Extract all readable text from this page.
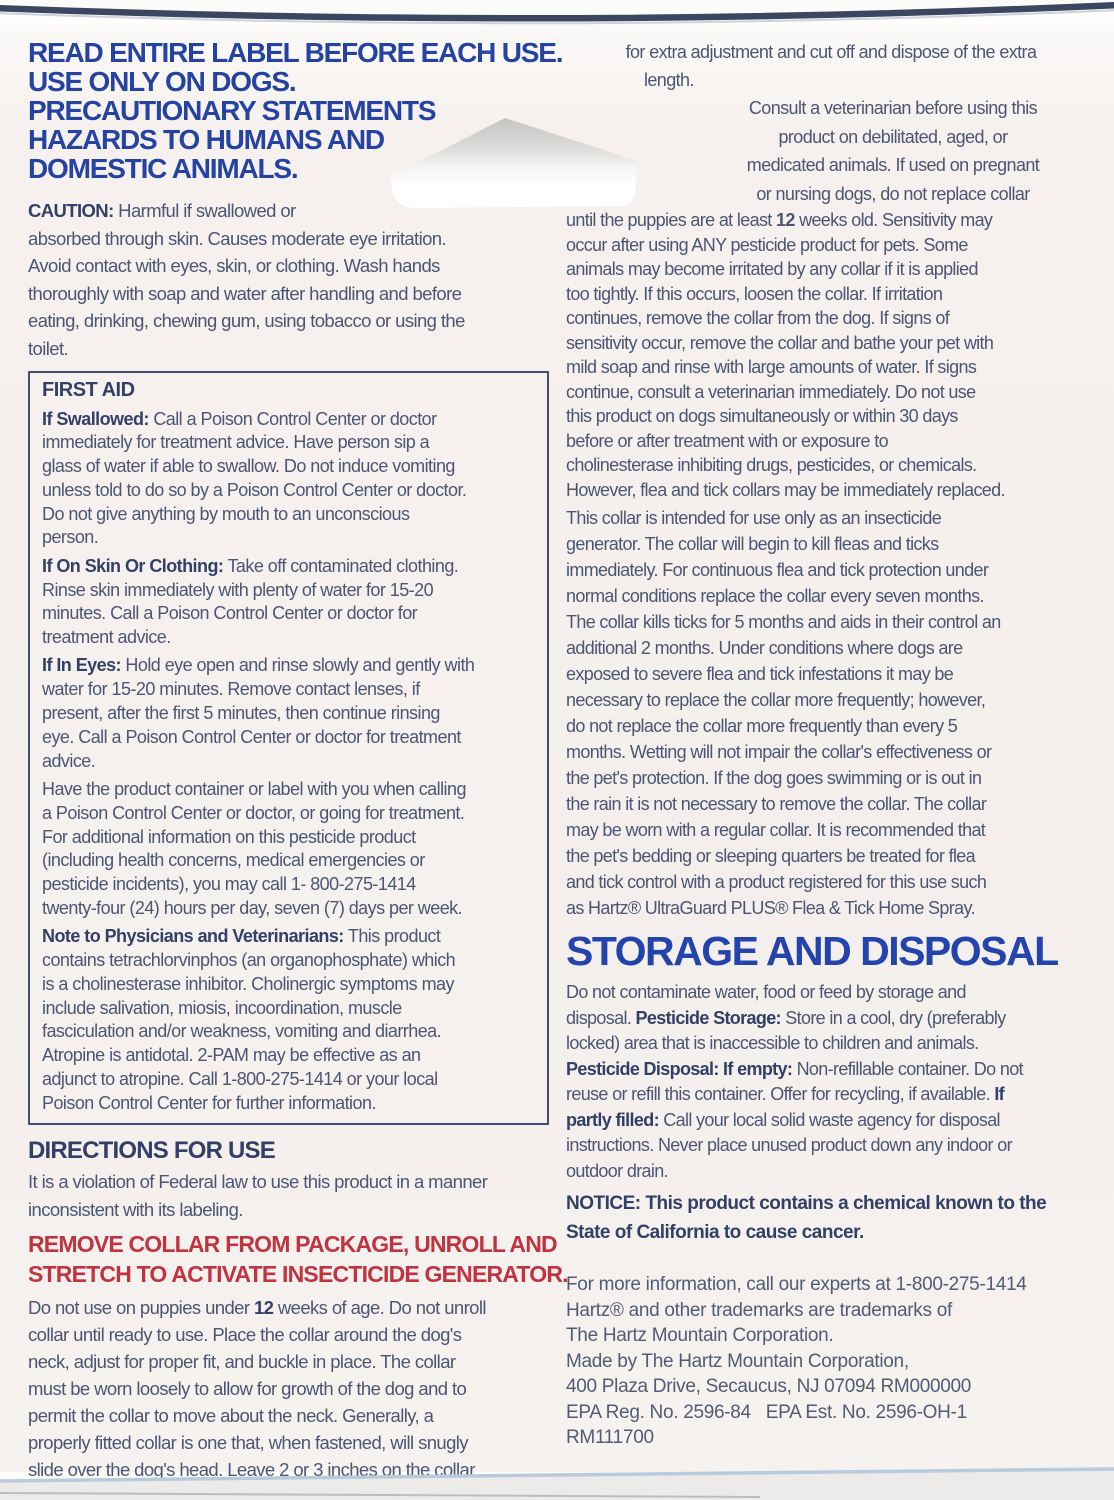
READ ENTIRE LABEL BEFORE EACH USE.
USE ONLY ON DOGS.
PRECAUTIONARY STATEMENTS
HAZARDS TO HUMANS AND
DOMESTIC ANIMALS.
CAUTION: Harmful if swallowed or
absorbed through skin. Causes moderate eye irritation.
Avoid contact with eyes, skin, or clothing. Wash hands
thoroughly with soap and water after handling and before
eating, drinking, chewing gum, using tobacco or using the
toilet.
FIRST AID
If Swallowed: Call a Poison Control Center or doctor
immediately for treatment advice. Have person sip a
glass of water if able to swallow. Do not induce vomiting
unless told to do so by a Poison Control Center or doctor.
Do not give anything by mouth to an unconscious
person.
If On Skin Or Clothing: Take off contaminated clothing.
Rinse skin immediately with plenty of water for 15-20
minutes. Call a Poison Control Center or doctor for
treatment advice.
If In Eyes: Hold eye open and rinse slowly and gently with
water for 15-20 minutes. Remove contact lenses, if
present, after the first 5 minutes, then continue rinsing
eye. Call a Poison Control Center or doctor for treatment
advice.
Have the product container or label with you when calling
a Poison Control Center or doctor, or going for treatment.
For additional information on this pesticide product
(including health concerns, medical emergencies or
pesticide incidents), you may call 1- 800-275-1414
twenty-four (24) hours per day, seven (7) days per week.
Note to Physicians and Veterinarians: This product
contains tetrachlorvinphos (an organophosphate) which
is a cholinesterase inhibitor. Cholinergic symptoms may
include salivation, miosis, incoordination, muscle
fasciculation and/or weakness, vomiting and diarrhea.
Atropine is antidotal. 2-PAM may be effective as an
adjunct to atropine. Call 1-800-275-1414 or your local
Poison Control Center for further information.
DIRECTIONS FOR USE
It is a violation of Federal law to use this product in a manner
inconsistent with its labeling.
REMOVE COLLAR FROM PACKAGE, UNROLL AND
STRETCH TO ACTIVATE INSECTICIDE GENERATOR.
Do not use on puppies under 12 weeks of age. Do not unroll
collar until ready to use. Place the collar around the dog's
neck, adjust for proper fit, and buckle in place. The collar
must be worn loosely to allow for growth of the dog and to
permit the collar to move about the neck. Generally, a
properly fitted collar is one that, when fastened, will snugly
slide over the dog's head. Leave 2 or 3 inches on the collar
for extra adjustment and cut off and dispose of the extra
length.
Consult a veterinarian before using this
product on debilitated, aged, or
medicated animals. If used on pregnant
or nursing dogs, do not replace collar
until the puppies are at least 12 weeks old. Sensitivity may
occur after using ANY pesticide product for pets. Some
animals may become irritated by any collar if it is applied
too tightly. If this occurs, loosen the collar. If irritation
continues, remove the collar from the dog. If signs of
sensitivity occur, remove the collar and bathe your pet with
mild soap and rinse with large amounts of water. If signs
continue, consult a veterinarian immediately. Do not use
this product on dogs simultaneously or within 30 days
before or after treatment with or exposure to
cholinesterase inhibiting drugs, pesticides, or chemicals.
However, flea and tick collars may be immediately replaced.
This collar is intended for use only as an insecticide
generator. The collar will begin to kill fleas and ticks
immediately. For continuous flea and tick protection under
normal conditions replace the collar every seven months.
The collar kills ticks for 5 months and aids in their control an
additional 2 months. Under conditions where dogs are
exposed to severe flea and tick infestations it may be
necessary to replace the collar more frequently; however,
do not replace the collar more frequently than every 5
months. Wetting will not impair the collar's effectiveness or
the pet's protection. If the dog goes swimming or is out in
the rain it is not necessary to remove the collar. The collar
may be worn with a regular collar. It is recommended that
the pet's bedding or sleeping quarters be treated for flea
and tick control with a product registered for this use such
as Hartz® UltraGuard PLUS® Flea & Tick Home Spray.
STORAGE AND DISPOSAL
Do not contaminate water, food or feed by storage and
disposal. Pesticide Storage: Store in a cool, dry (preferably
locked) area that is inaccessible to children and animals.
Pesticide Disposal: If empty: Non-refillable container. Do not
reuse or refill this container. Offer for recycling, if available. If
partly filled: Call your local solid waste agency for disposal
instructions. Never place unused product down any indoor or
outdoor drain.
NOTICE: This product contains a chemical known to the
State of California to cause cancer.
For more information, call our experts at 1-800-275-1414
Hartz® and other trademarks are trademarks of
The Hartz Mountain Corporation.
Made by The Hartz Mountain Corporation,
400 Plaza Drive, Secaucus, NJ 07094 RM000000
EPA Reg. No. 2596-84   EPA Est. No. 2596-OH-1
RM111700
